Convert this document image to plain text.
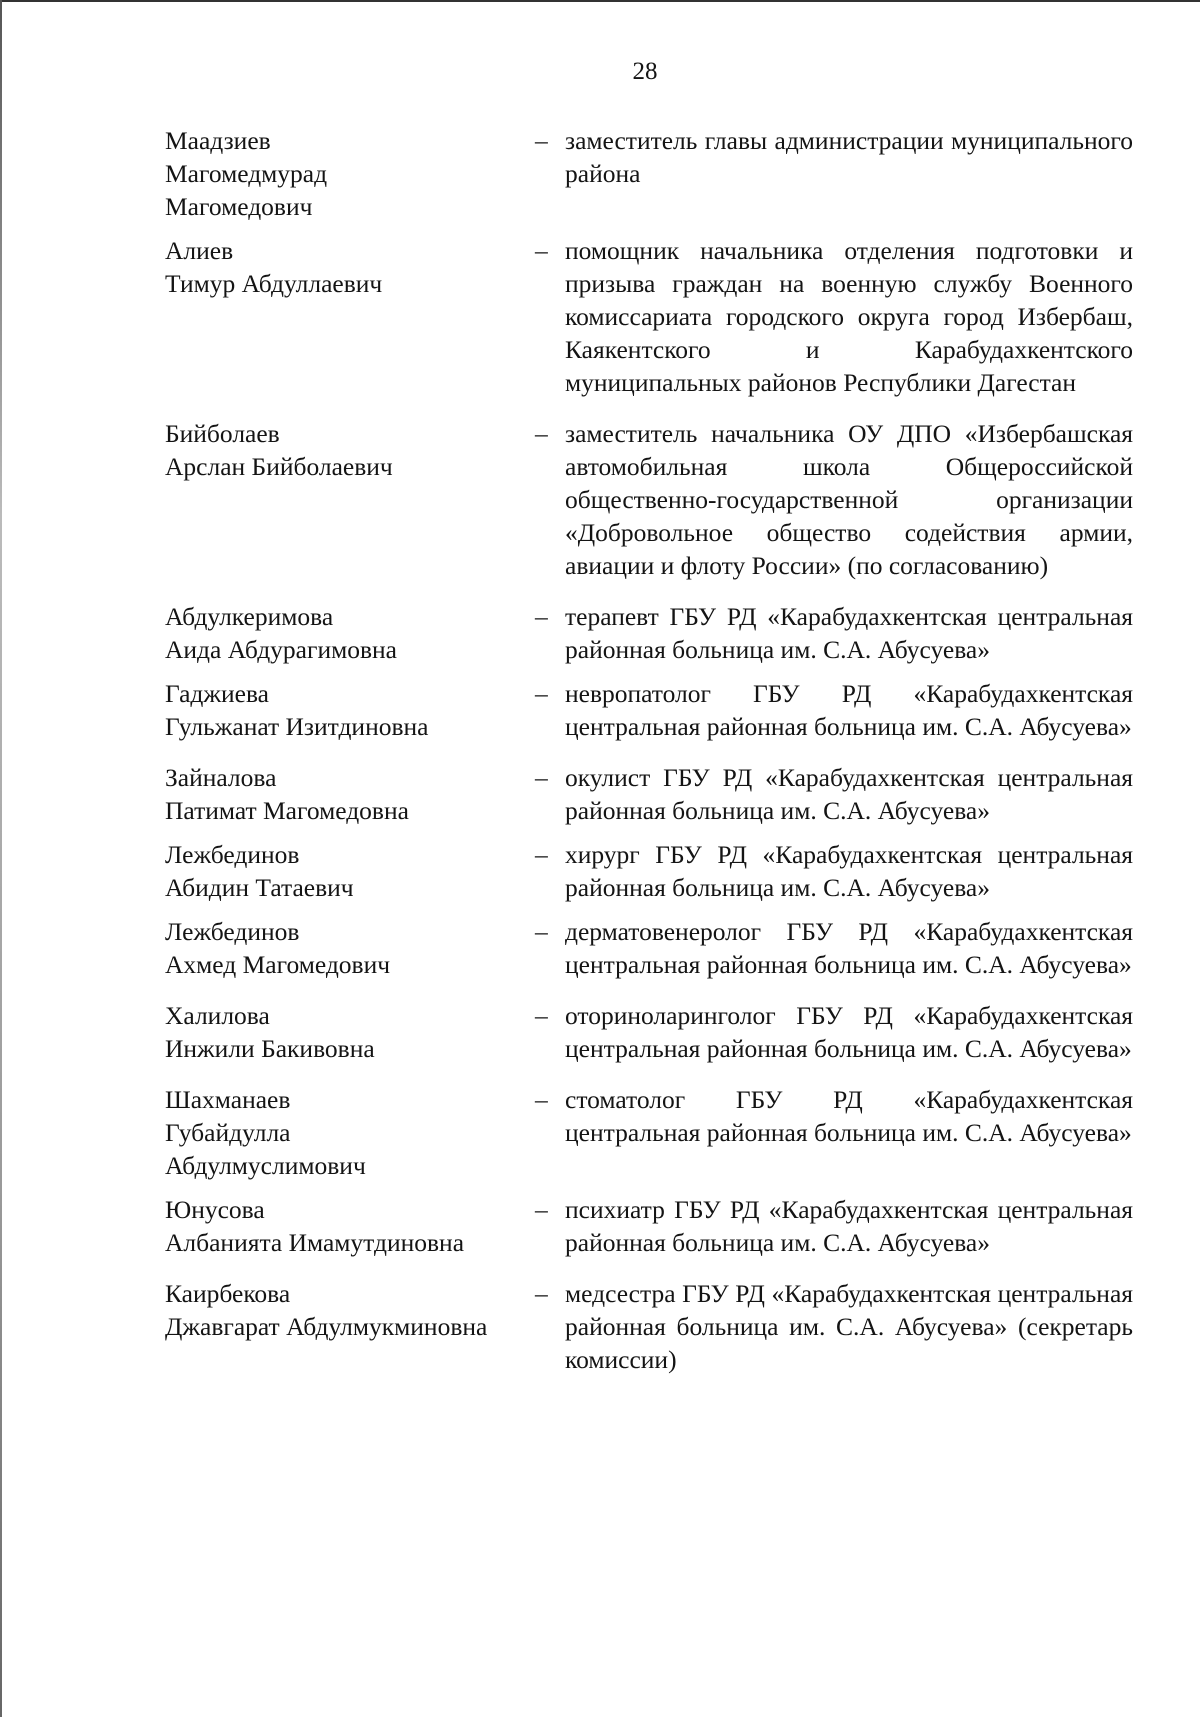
28
Маадзиев
Магомедмурад
Магомедович
– заместитель главы администрации муниципального района
Алиев
Тимур Абдуллаевич
– помощник начальника отделения подготовки и призыва граждан на военную службу Военного комиссариата городского округа город Избербаш, Каякентского и Карабудахкентского муниципальных районов Республики Дагестан
Бийболаев
Арслан Бийболаевич
– заместитель начальника ОУ ДПО «Избербашская автомобильная школа Общероссийской общественно-государственной организации «Добровольное общество содействия армии, авиации и флоту России» (по согласованию)
Абдулкеримова
Аида Абдурагимовна
– терапевт ГБУ РД «Карабудахкентская центральная районная больница им. С.А. Абусуева»
Гаджиева
Гульжанат Изитдиновна
– невропатолог ГБУ РД «Карабудахкентская центральная районная больница им. С.А. Абусуева»
Зайналова
Патимат Магомедовна
– окулист ГБУ РД «Карабудахкентская центральная районная больница им. С.А. Абусуева»
Лежбединов
Абидин Татаевич
– хирург ГБУ РД «Карабудахкентская центральная районная больница им. С.А. Абусуева»
Лежбединов
Ахмед Магомедович
– дерматовенеролог ГБУ РД «Карабудахкентская центральная районная больница им. С.А. Абусуева»
Халилова
Инжили Бакивовна
– оториноларинголог ГБУ РД «Карабудахкентская центральная районная больница им. С.А. Абусуева»
Шахманаев
Губайдулла
Абдулмуслимович
– стоматолог ГБУ РД «Карабудахкентская центральная районная больница им. С.А. Абусуева»
Юнусова
Албанията Имамутдиновна
– психиатр ГБУ РД «Карабудахкентская центральная районная больница им. С.А. Абусуева»
Каирбекова
Джавгарат Абдулмукминовна
– медсестра ГБУ РД «Карабудахкентская центральная районная больница им. С.А. Абусуева» (секретарь комиссии)
